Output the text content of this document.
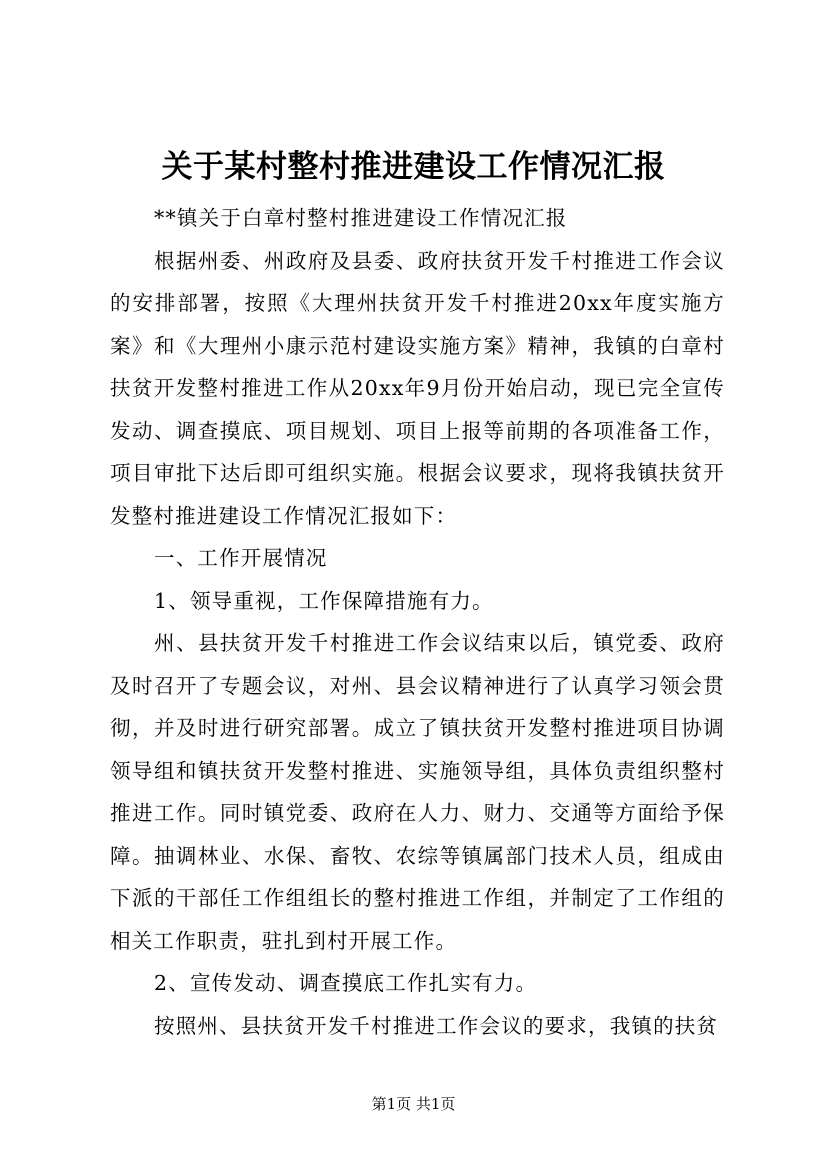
关于某村整村推进建设工作情况汇报

**镇关于白章村整村推进建设工作情况汇报

根据州委、州政府及县委、政府扶贫开发千村推进工作会议的安排部署，按照《大理州扶贫开发千村推进20xx年度实施方案》和《大理州小康示范村建设实施方案》精神，我镇的白章村扶贫开发整村推进工作从20xx年9月份开始启动，现已完全宣传发动、调查摸底、项目规划、项目上报等前期的各项准备工作，项目审批下达后即可组织实施。根据会议要求，现将我镇扶贫开发整村推进建设工作情况汇报如下：

一、工作开展情况

1、领导重视，工作保障措施有力。

州、县扶贫开发千村推进工作会议结束以后，镇党委、政府及时召开了专题会议，对州、县会议精神进行了认真学习领会贯彻，并及时进行研究部署。成立了镇扶贫开发整村推进项目协调领导组和镇扶贫开发整村推进、实施领导组，具体负责组织整村推进工作。同时镇党委、政府在人力、财力、交通等方面给予保障。抽调林业、水保、畜牧、农综等镇属部门技术人员，组成由下派的干部任工作组组长的整村推进工作组，并制定了工作组的相关工作职责，驻扎到村开展工作。

2、宣传发动、调查摸底工作扎实有力。

按照州、县扶贫开发千村推进工作会议的要求，我镇的扶贫

第1页 共1页
